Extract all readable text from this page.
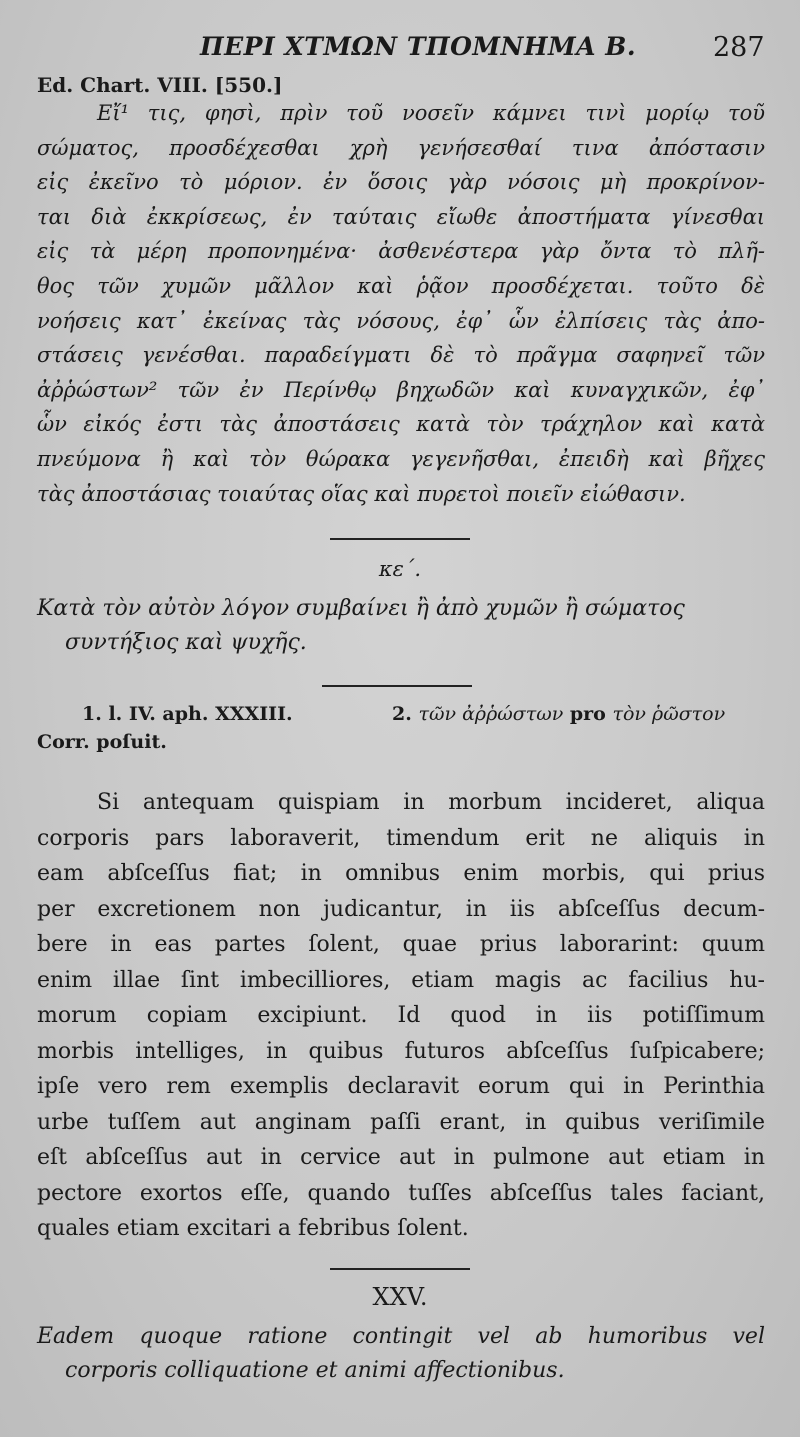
ΠΕΡΙ ΧΤΜΩΝ ΤΠΟΜΝΗΜΑ Β.	287
Ed. Chart. VIII. [550.]
Εἴ¹ τις, φησὶ, πρὶν τοῦ νοσεῖν κάμνει τινὶ μορίῳ τοῦ
σώματος, προσδέχεσθαι χρὴ γενήσεσθαί τινα ἀπόστασιν
εἰς ἐκεῖνο τὸ μόριον. ἐν ὅσοις γὰρ νόσοις μὴ προκρίνον-
ται διὰ ἐκκρίσεως, ἐν ταύταις εἴωθε ἀποστήματα γίνεσθαι
εἰς τὰ μέρη προπονημένα· ἀσθενέστερα γὰρ ὄντα τὸ πλῆ-
θος τῶν χυμῶν μᾶλλον καὶ ῥᾷον προσδέχεται. τοῦτο δὲ
νοήσεις κατ᾽ ἐκείνας τὰς νόσους, ἐφ᾽ ὧν ἐλπίσεις τὰς ἀπο-
στάσεις γενέσθαι. παραδείγματι δὲ τὸ πρᾶγμα σαφηνεῖ τῶν
ἀῤῥώστων² τῶν ἐν Περίνθῳ βηχωδῶν καὶ κυναγχικῶν, ἐφ᾽
ὧν εἰκός ἐστι τὰς ἀποστάσεις κατὰ τὸν τράχηλον καὶ κατὰ
πνεύμονα ἢ καὶ τὸν θώρακα γεγενῆσθαι, ἐπειδὴ καὶ βῆχες
τὰς ἀποστάσιας τοιαύτας οἵας καὶ πυρετοὶ ποιεῖν εἰώθασιν.
κε΄.
Κατὰ τὸν αὐτὸν λόγον συμβαίνει ἢ ἀπὸ χυμῶν ἢ σώματος
συντήξιος καὶ ψυχῆς.
1. l. IV. aph. XXXIII.	2. τῶν ἀῤῥώστων pro τὸν ῥῶστον
Corr. poſuit.
Si antequam quispiam in morbum incideret, aliqua
corporis pars laboraverit, timendum erit ne aliquis in
eam abſceſſus fiat; in omnibus enim morbis, qui prius
per excretionem non judicantur, in iis abſceſſus decum-
bere in eas partes ſolent, quae prius laborarint: quum
enim illae ſint imbecilliores, etiam magis ac facilius hu-
morum copiam excipiunt. Id quod in iis potiſſimum
morbis intelliges, in quibus futuros abſceſſus ſuſpicabere;
ipſe vero rem exemplis declaravit eorum qui in Perinthia
urbe tuſſem aut anginam paſſi erant, in quibus veriſimile
eſt abſceſſus aut in cervice aut in pulmone aut etiam in
pectore exortos eſſe, quando tuſſes abſceſſus tales faciant,
quales etiam excitari a febribus ſolent.
XXV.
Eadem quoque ratione contingit vel ab humoribus vel
corporis colliquatione et animi affectionibus.
